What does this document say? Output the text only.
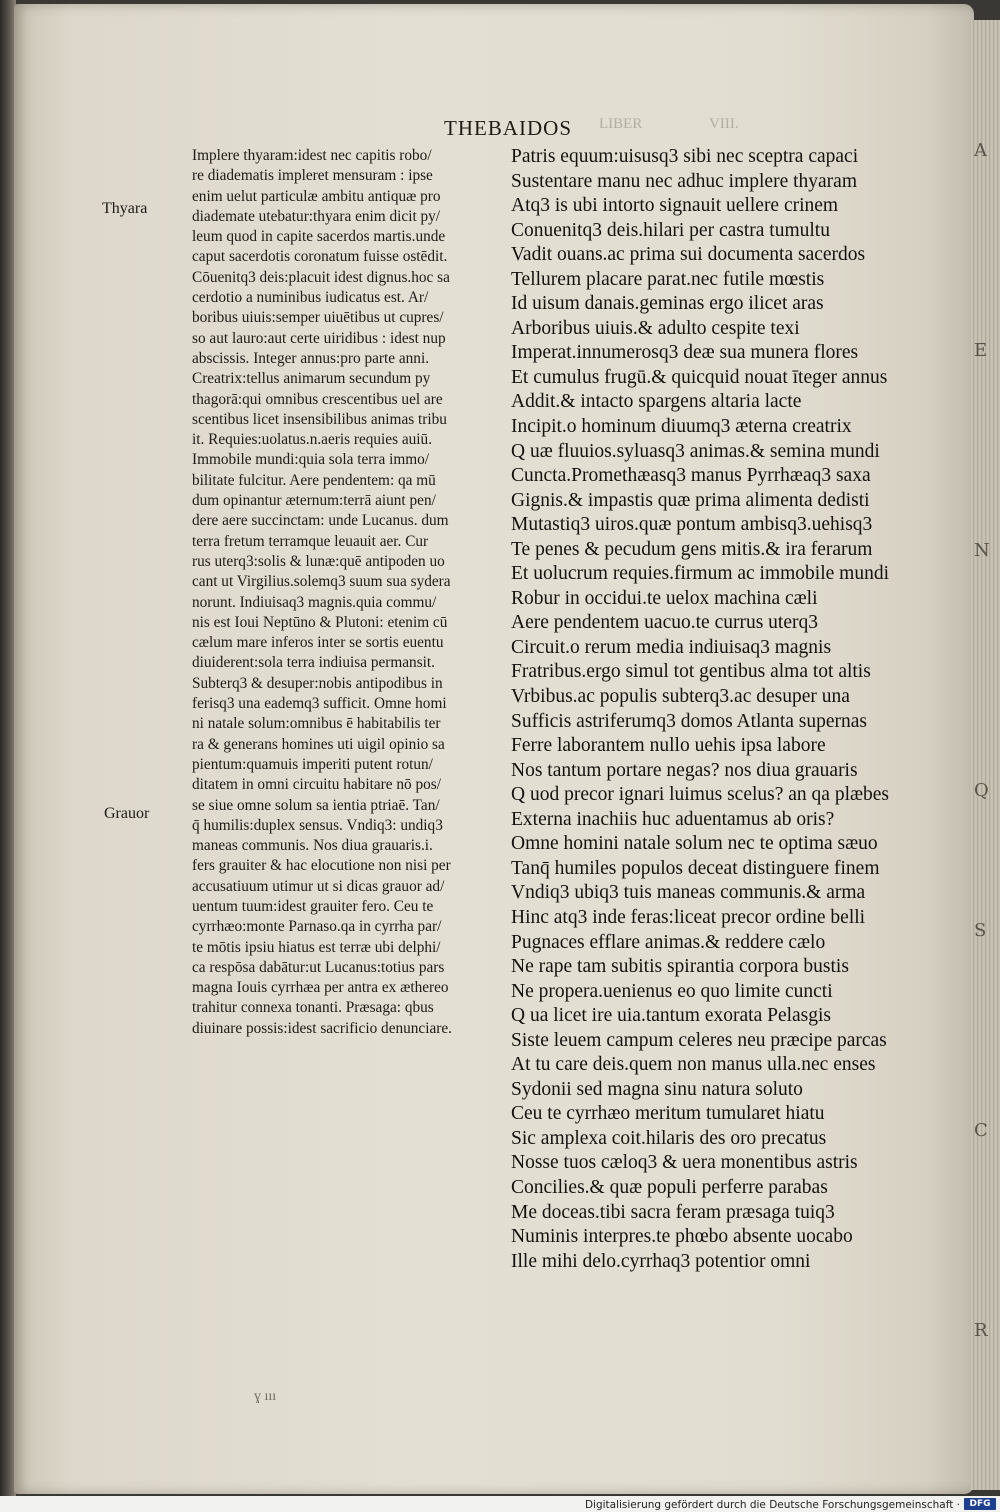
LIBER	VIII.
THEBAIDOS
Thyara
Grauor
Implere thyaram:idest nec capitis robo/
re diadematis impleret mensuram : ipse
enim uelut particulæ ambitu antiquæ pro
diademate utebatur:thyara enim dicit py/
leum quod in capite sacerdos martis.unde
caput sacerdotis coronatum fuisse ostēdit.
Cōuenitq3 deis:placuit idest dignus.hoc sa
cerdotio a numinibus iudicatus est. Ar/
boribus uiuis:semper uiuētibus ut cupres/
so aut lauro:aut certe uiridibus : idest nup
abscissis. Integer annus:pro parte anni.
Creatrix:tellus animarum secundum py
thagorā:qui omnibus crescentibus uel are
scentibus licet insensibilibus animas tribu
it. Requies:uolatus.n.aeris requies auiū.
Immobile mundi:quia sola terra immo/
bilitate fulcitur. Aere pendentem: qa mū
dum opinantur æternum:terrā aiunt pen/
dere aere succinctam: unde Lucanus. dum
terra fretum terramque leuauit aer. Cur
rus uterq3:solis & lunæ:quē antipoden uo
cant ut Virgilius.solemq3 suum sua sydera
norunt. Indiuisaq3 magnis.quia commu/
nis est Ioui Neptūno & Plutoni: etenim cū
cælum mare inferos inter se sortis euentu
diuiderent:sola terra indiuisa permansit.
Subterq3 & desuper:nobis antipodibus in
ferisq3 una eademq3 sufficit. Omne homi
ni natale solum:omnibus ē habitabilis ter
ra & generans homines uti uigil opinio sa
pientum:quamuis imperiti putent rotun/
ditatem in omni circuitu habitare nō pos/
se siue omne solum sa ientia ptriaē. Tan/
q̄ humilis:duplex sensus. Vndiq3: undiq3
maneas communis. Nos diua grauaris.i.
fers grauiter & hac elocutione non nisi per
accusatiuum utimur ut si dicas grauor ad/
uentum tuum:idest grauiter fero. Ceu te
cyrrhæo:monte Parnaso.qa in cyrrha par/
te mōtis ipsiu hiatus est terræ ubi delphi/
ca respōsa dabātur:ut Lucanus:totius pars
magna Iouis cyrrhæa per antra ex æthereo
trahitur connexa tonanti. Præsaga: qbus
diuinare possis:idest sacrificio denunciare.
Patris equum:uisusq3 sibi nec sceptra capaci
Sustentare manu nec adhuc implere thyaram
Atq3 is ubi intorto signauit uellere crinem
Conuenitq3 deis.hilari per castra tumultu
Vadit ouans.ac prima sui documenta sacerdos
Tellurem placare parat.nec futile mœstis
Id uisum danais.geminas ergo ilicet aras
Arboribus uiuis.& adulto cespite texi
Imperat.innumerosq3 deæ sua munera flores
Et cumulus frugū.& quicquid nouat īteger annus
Addit.& intacto spargens altaria lacte
Incipit.o hominum diuumq3 æterna creatrix
Q uæ fluuios.syluasq3 animas.& semina mundi
Cuncta.Promethæasq3 manus Pyrrhæaq3 saxa
Gignis.& impastis quæ prima alimenta dedisti
Mutastiq3 uiros.quæ pontum ambisq3.uehisq3
Te penes & pecudum gens mitis.& ira ferarum
Et uolucrum requies.firmum ac immobile mundi
Robur in occidui.te uelox machina cæli
Aere pendentem uacuo.te currus uterq3
Circuit.o rerum media indiuisaq3 magnis
Fratribus.ergo simul tot gentibus alma tot altis
Vrbibus.ac populis subterq3.ac desuper una
Sufficis astriferumq3 domos Atlanta supernas
Ferre laborantem nullo uehis ipsa labore
Nos tantum portare negas? nos diua grauaris
Q uod precor ignari luimus scelus? an qa plæbes
Externa inachiis huc aduentamus ab oris?
Omne homini natale solum nec te optima sæuo
Tanq̄ humiles populos deceat distinguere finem
Vndiq3 ubiq3 tuis maneas communis.& arma
Hinc atq3 inde feras:liceat precor ordine belli
Pugnaces efflare animas.& reddere cælo
Ne rape tam subitis spirantia corpora bustis
Ne propera.uenienus eo quo limite cuncti
Q ua licet ire uia.tantum exorata Pelasgis
Siste leuem campum celeres neu præcipe parcas
At tu care deis.quem non manus ulla.nec enses
Sydonii sed magna sinu natura soluto
Ceu te cyrrhæo meritum tumularet hiatu
Sic amplexa coit.hilaris des oro precatus
Nosse tuos cæloq3 & uera monentibus astris
Concilies.& quæ populi perferre parabas
Me doceas.tibi sacra feram præsaga tuiq3
Numinis interpres.te phœbo absente uocabo
Ille mihi delo.cyrrhaq3 potentior omni
ɣ ııı
A
E
N
Q
S
C
R
Digitalisierung gefördert durch die Deutsche Forschungsgemeinschaft ·	DFG
